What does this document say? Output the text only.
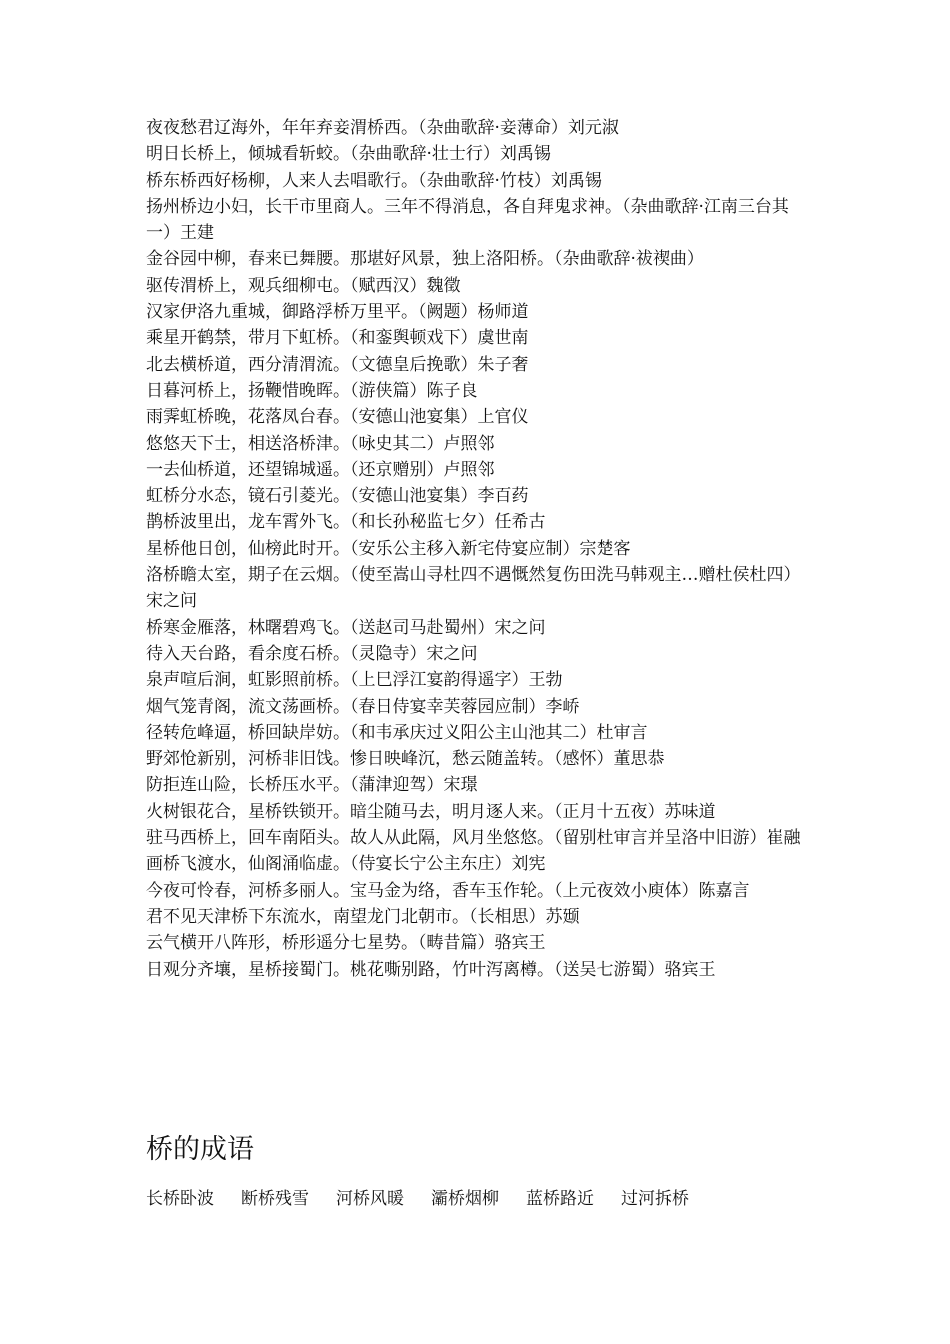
夜夜愁君辽海外，年年弃妾渭桥西。（杂曲歌辞·妾薄命）刘元淑
明日长桥上，倾城看斩蛟。（杂曲歌辞·壮士行）刘禹锡
桥东桥西好杨柳，人来人去唱歌行。（杂曲歌辞·竹枝）刘禹锡
扬州桥边小妇，长干市里商人。三年不得消息，各自拜鬼求神。（杂曲歌辞·江南三台其一）王建
金谷园中柳，春来已舞腰。那堪好风景，独上洛阳桥。（杂曲歌辞·祓禊曲）
驱传渭桥上，观兵细柳屯。（赋西汉）魏徵
汉家伊洛九重城，御路浮桥万里平。（阙题）杨师道
乘星开鹤禁，带月下虹桥。（和銮舆顿戏下）虞世南
北去横桥道，西分清渭流。（文德皇后挽歌）朱子奢
日暮河桥上，扬鞭惜晚晖。（游侠篇）陈子良
雨霁虹桥晚，花落凤台春。（安德山池宴集）上官仪
悠悠天下士，相送洛桥津。（咏史其二）卢照邻
一去仙桥道，还望锦城遥。（还京赠别）卢照邻
虹桥分水态，镜石引菱光。（安德山池宴集）李百药
鹊桥波里出，龙车霄外飞。（和长孙秘监七夕）任希古
星桥他日创，仙榜此时开。（安乐公主移入新宅侍宴应制）宗楚客
洛桥瞻太室，期子在云烟。（使至嵩山寻杜四不遇慨然复伤田洗马韩观主…赠杜侯杜四）宋之问
桥寒金雁落，林曙碧鸡飞。（送赵司马赴蜀州）宋之问
待入天台路，看余度石桥。（灵隐寺）宋之问
泉声喧后涧，虹影照前桥。（上巳浮江宴韵得遥字）王勃
烟气笼青阁，流文荡画桥。（春日侍宴幸芙蓉园应制）李峤
径转危峰逼，桥回缺岸妨。（和韦承庆过义阳公主山池其二）杜审言
野郊怆新别，河桥非旧饯。惨日映峰沉，愁云随盖转。（感怀）董思恭
防拒连山险，长桥压水平。（蒲津迎驾）宋璟
火树银花合，星桥铁锁开。暗尘随马去，明月逐人来。（正月十五夜）苏味道
驻马西桥上，回车南陌头。故人从此隔，风月坐悠悠。（留别杜审言并呈洛中旧游）崔融
画桥飞渡水，仙阁涌临虚。（侍宴长宁公主东庄）刘宪
今夜可怜春，河桥多丽人。宝马金为络，香车玉作轮。（上元夜效小庾体）陈嘉言
君不见天津桥下东流水，南望龙门北朝市。（长相思）苏颋
云气横开八阵形，桥形遥分七星势。（畴昔篇）骆宾王
日观分齐壤，星桥接蜀门。桃花嘶别路，竹叶泻离樽。（送吴七游蜀）骆宾王
桥的成语
长桥卧波 断桥残雪 河桥风暖 灞桥烟柳 蓝桥路近 过河拆桥
